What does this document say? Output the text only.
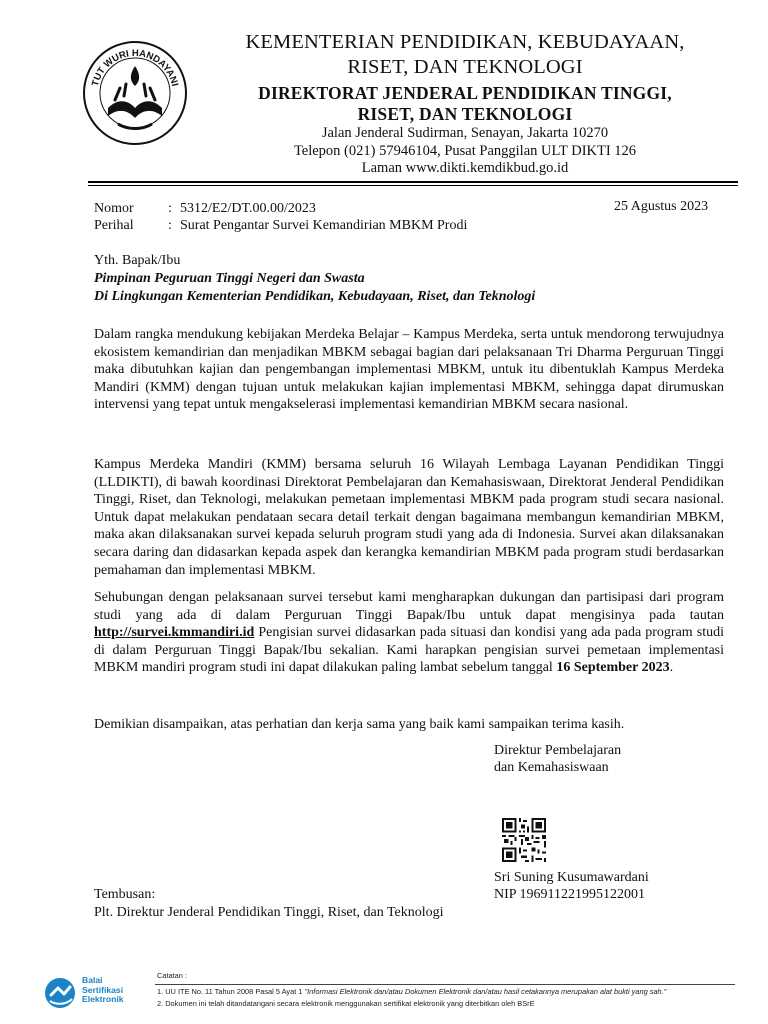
TUT WURI HANDAYANI
KEMENTERIAN PENDIDIKAN, KEBUDAYAAN,
RISET, DAN TEKNOLOGI
DIREKTORAT JENDERAL PENDIDIKAN TINGGI,
RISET, DAN TEKNOLOGI
Jalan Jenderal Sudirman, Senayan, Jakarta 10270
Telepon (021) 57946104, Pusat Panggilan ULT DIKTI 126
Laman www.dikti.kemdikbud.go.id
Nomor : 5312/E2/DT.00.00/2023	25 Agustus 2023
Perihal : Surat Pengantar Survei Kemandirian MBKM Prodi
Yth. Bapak/Ibu
Pimpinan Peguruan Tinggi Negeri dan Swasta
Di Lingkungan Kementerian Pendidikan, Kebudayaan, Riset, dan Teknologi
Dalam rangka mendukung kebijakan Merdeka Belajar – Kampus Merdeka, serta untuk mendorong terwujudnya ekosistem kemandirian dan menjadikan MBKM sebagai bagian dari pelaksanaan Tri Dharma Perguruan Tinggi maka dibutuhkan kajian dan pengembangan implementasi MBKM, untuk itu dibentuklah Kampus Merdeka Mandiri (KMM) dengan tujuan untuk melakukan kajian implementasi MBKM, sehingga dapat dirumuskan intervensi yang tepat untuk mengakselerasi implementasi kemandirian MBKM secara nasional.
Kampus Merdeka Mandiri (KMM) bersama seluruh 16 Wilayah Lembaga Layanan Pendidikan Tinggi (LLDIKTI), di bawah koordinasi Direktorat Pembelajaran dan Kemahasiswaan, Direktorat Jenderal Pendidikan Tinggi, Riset, dan Teknologi, melakukan pemetaan implementasi MBKM pada program studi secara nasional. Untuk dapat melakukan pendataan secara detail terkait dengan bagaimana membangun kemandirian MBKM, maka akan dilaksanakan survei kepada seluruh program studi yang ada di Indonesia. Survei akan dilaksanakan secara daring dan didasarkan kepada aspek dan kerangka kemandirian MBKM pada program studi berdasarkan pemahaman dan implementasi MBKM.
Sehubungan dengan pelaksanaan survei tersebut kami mengharapkan dukungan dan partisipasi dari program studi yang ada di dalam Perguruan Tinggi Bapak/Ibu untuk dapat mengisinya pada tautan http://survei.kmmandiri.id Pengisian survei didasarkan pada situasi dan kondisi yang ada pada program studi di dalam Perguruan Tinggi Bapak/Ibu sekalian. Kami harapkan pengisian survei pemetaan implementasi MBKM mandiri program studi ini dapat dilakukan paling lambat sebelum tanggal 16 September 2023.
Demikian disampaikan, atas perhatian dan kerja sama yang baik kami sampaikan terima kasih.
Direktur Pembelajaran
dan Kemahasiswaan
Sri Suning Kusumawardani
NIP 196911221995122001
Tembusan:
Plt. Direktur Jenderal Pendidikan Tinggi, Riset, dan Teknologi
Balai
Sertifikasi
Elektronik
Catatan :
1. UU ITE No. 11 Tahun 2008 Pasal 5 Ayat 1 "Informasi Elektronik dan/atau Dokumen Elektronik dan/atau hasil cetakannya merupakan alat bukti yang sah."
2. Dokumen ini telah ditandatangani secara elektronik menggunakan sertifikat elektronik yang diterbitkan oleh BSrE
